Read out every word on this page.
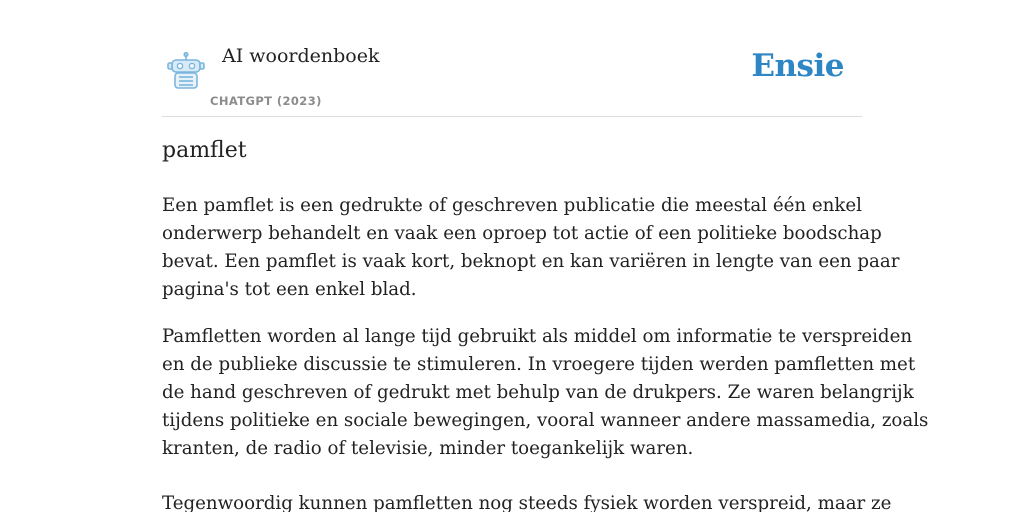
AI woordenboek
CHATGPT (2023)
Ensie
pamflet

Een pamflet is een gedrukte of geschreven publicatie die meestal één enkel
onderwerp behandelt en vaak een oproep tot actie of een politieke boodschap
bevat. Een pamflet is vaak kort, beknopt en kan variëren in lengte van een paar
pagina's tot een enkel blad.

Pamfletten worden al lange tijd gebruikt als middel om informatie te verspreiden
en de publieke discussie te stimuleren. In vroegere tijden werden pamfletten met
de hand geschreven of gedrukt met behulp van de drukpers. Ze waren belangrijk
tijdens politieke en sociale bewegingen, vooral wanneer andere massamedia, zoals
kranten, de radio of televisie, minder toegankelijk waren.

Tegenwoordig kunnen pamfletten nog steeds fysiek worden verspreid, maar ze
